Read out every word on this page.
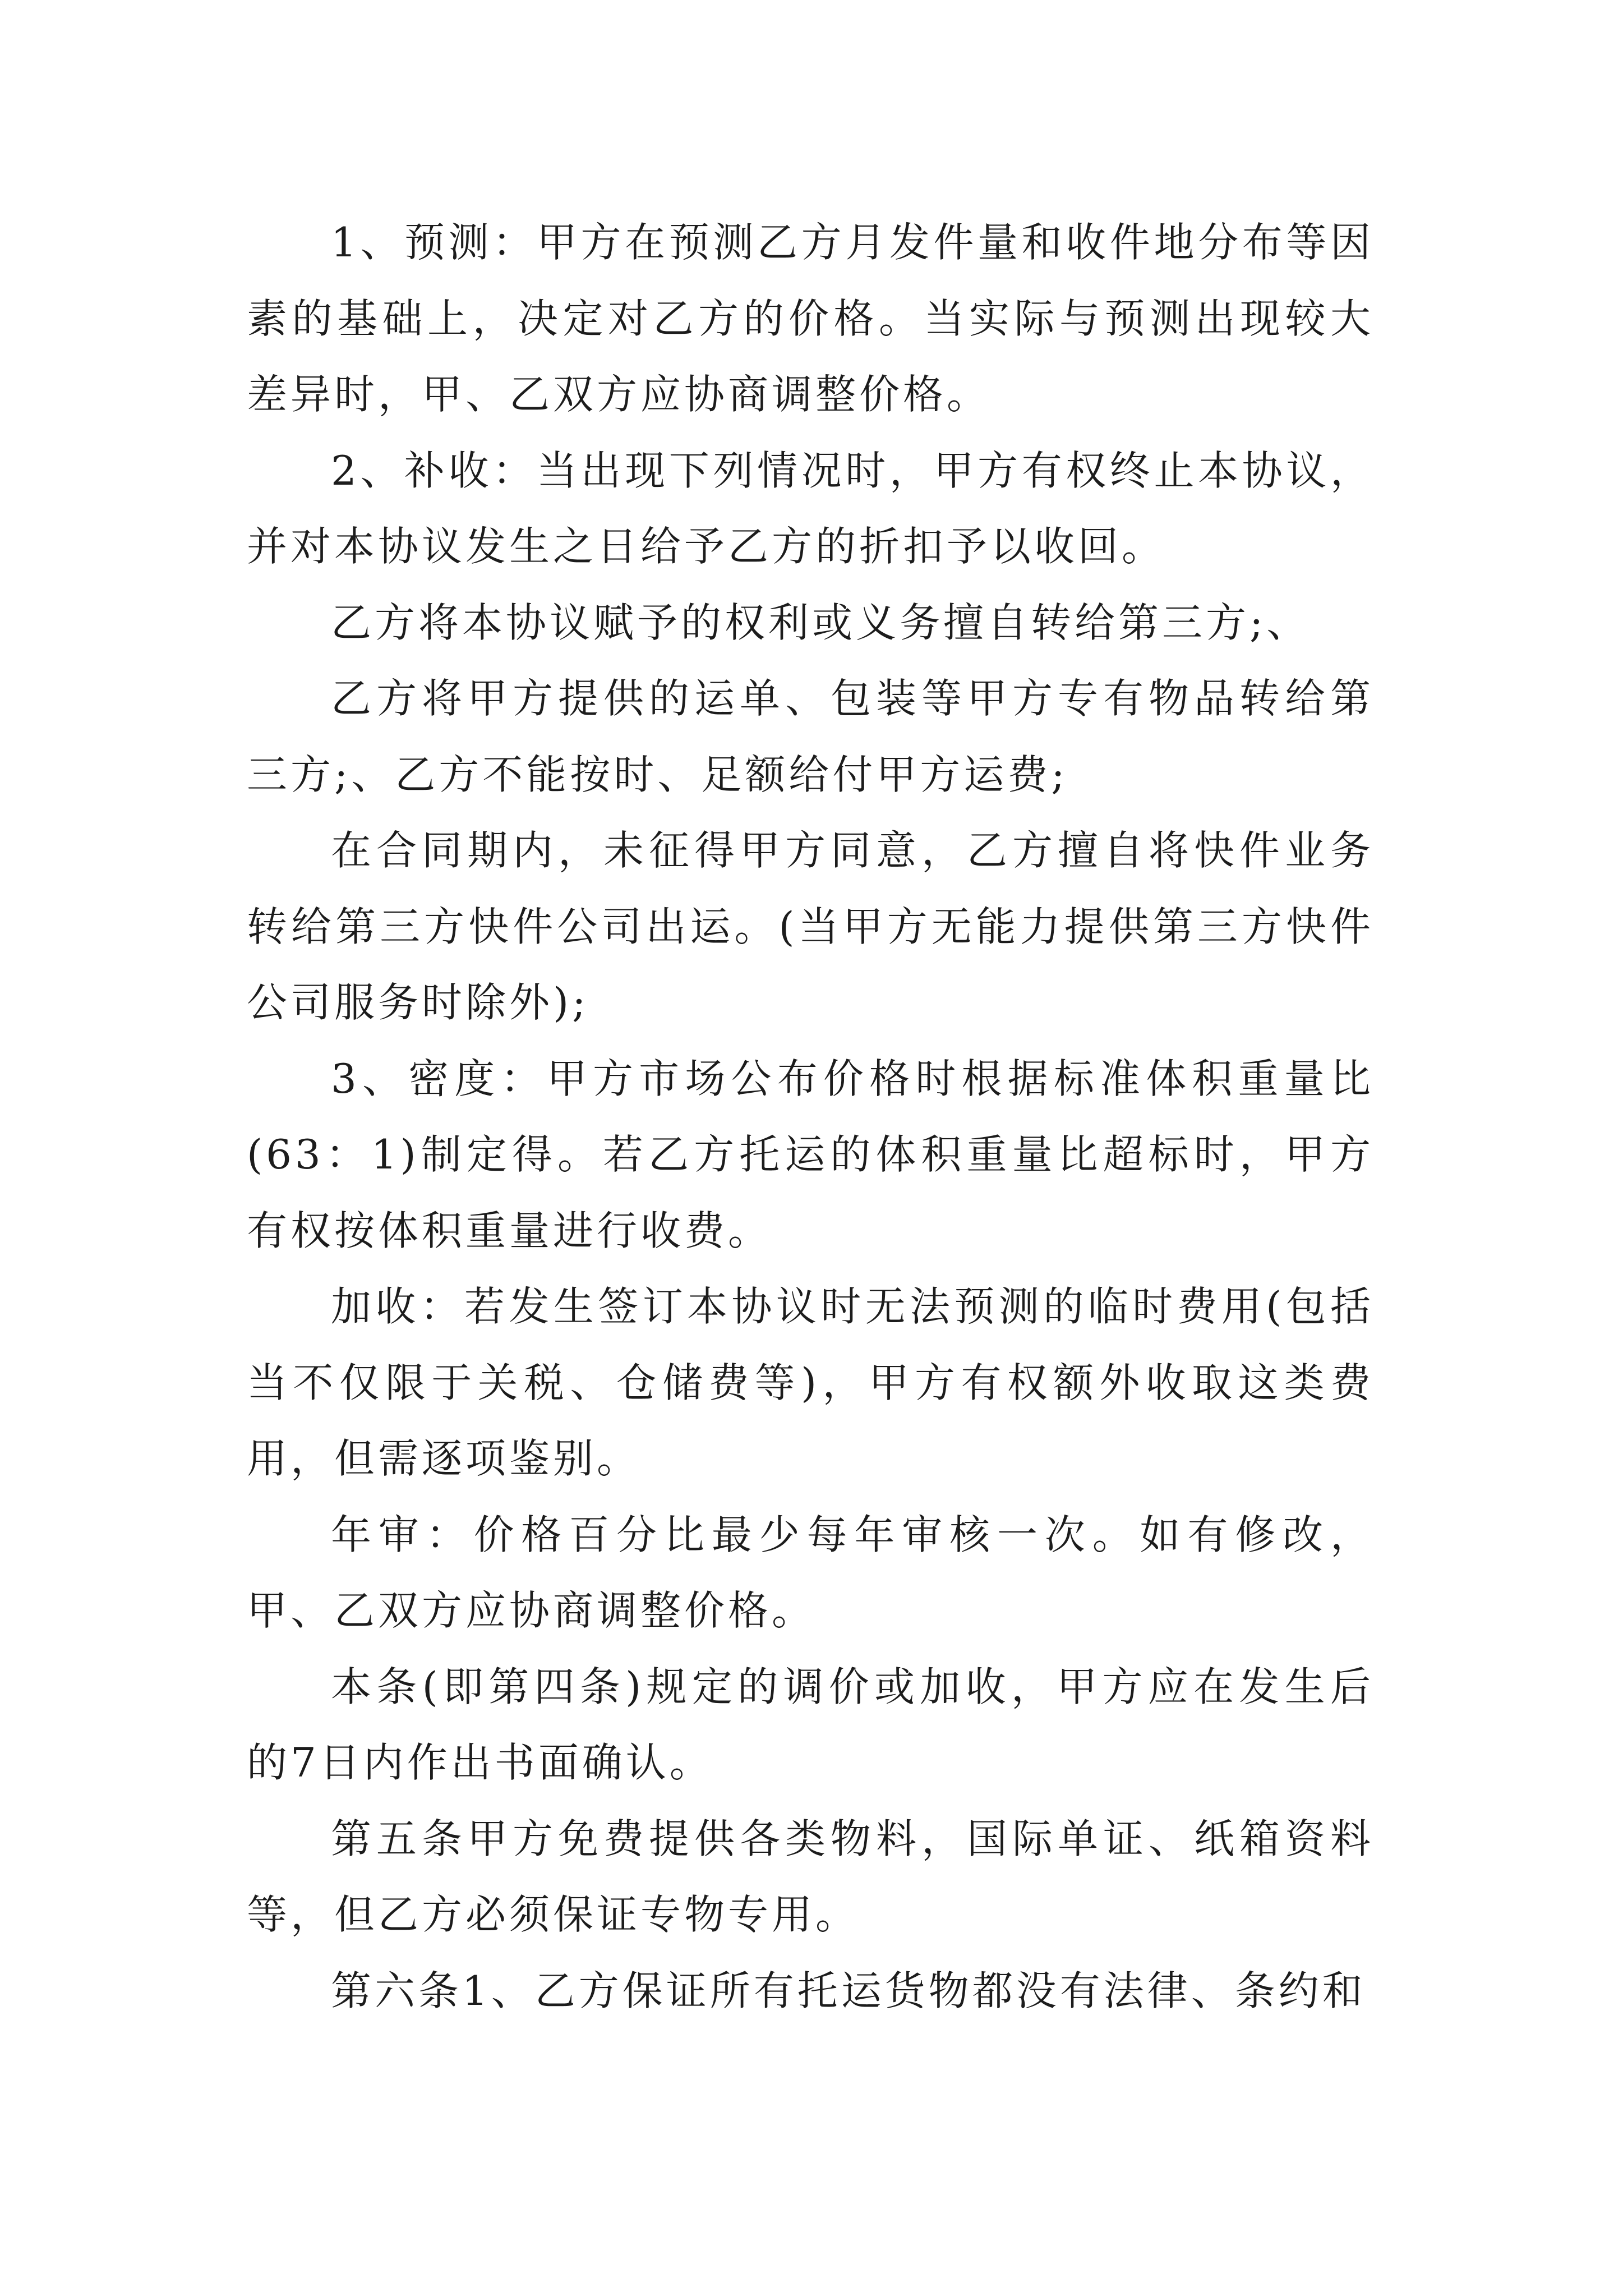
1、预测：甲方在预测乙方月发件量和收件地分布等因素的基础上，决定对乙方的价格。当实际与预测出现较大差异时，甲、乙双方应协商调整价格。

2、补收：当出现下列情况时，甲方有权终止本协议，并对本协议发生之日给予乙方的折扣予以收回。

乙方将本协议赋予的权利或义务擅自转给第三方;、

乙方将甲方提供的运单、包装等甲方专有物品转给第三方;、乙方不能按时、足额给付甲方运费;

在合同期内，未征得甲方同意，乙方擅自将快件业务转给第三方快件公司出运。(当甲方无能力提供第三方快件公司服务时除外);

3、密度：甲方市场公布价格时根据标准体积重量比(63：1)制定得。若乙方托运的体积重量比超标时，甲方有权按体积重量进行收费。

加收：若发生签订本协议时无法预测的临时费用(包括当不仅限于关税、仓储费等)，甲方有权额外收取这类费用，但需逐项鉴别。

年审：价格百分比最少每年审核一次。如有修改，甲、乙双方应协商调整价格。

本条(即第四条)规定的调价或加收，甲方应在发生后的7日内作出书面确认。

第五条甲方免费提供各类物料，国际单证、纸箱资料等，但乙方必须保证专物专用。

第六条1、乙方保证所有托运货物都没有法律、条约和
